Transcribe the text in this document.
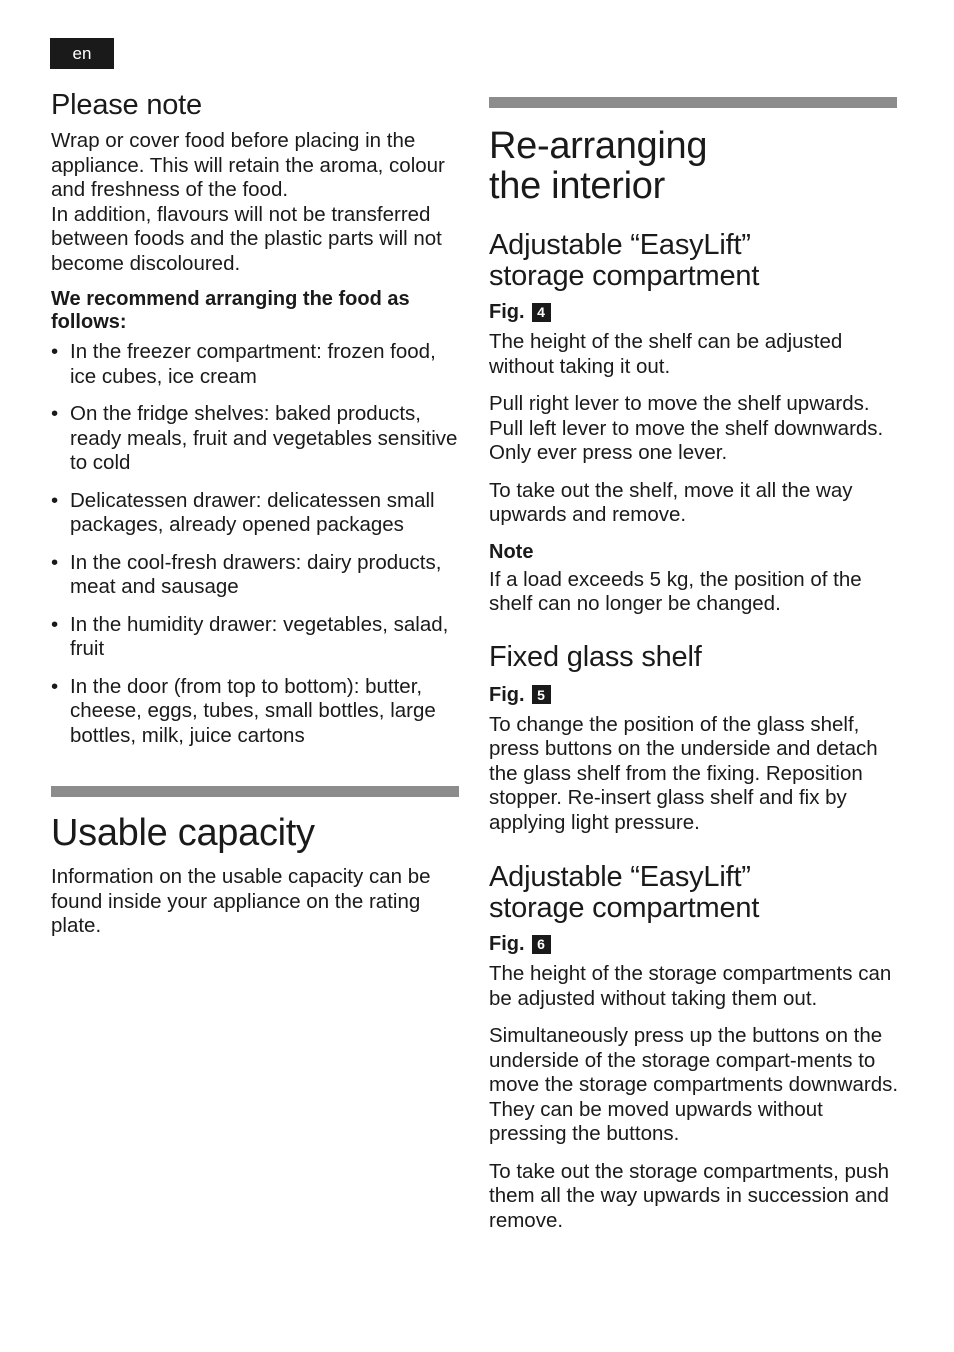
en
Please note

Wrap or cover food before placing in the appliance. This will retain the aroma, colour and freshness of the food.

In addition, flavours will not be transferred between foods and the plastic parts will not become discoloured.

We recommend arranging the food as follows:

• In the freezer compartment: frozen food, ice cubes, ice cream
• On the fridge shelves: baked products, ready meals, fruit and vegetables sensitive to cold
• Delicatessen drawer: delicatessen small packages, already opened packages
• In the cool-fresh drawers: dairy products, meat and sausage
• In the humidity drawer: vegetables, salad, fruit
• In the door (from top to bottom): butter, cheese, eggs, tubes, small bottles, large bottles, milk, juice cartons
Usable capacity

Information on the usable capacity can be found inside your appliance on the rating plate.

Re-arranging
the interior
Adjustable “EasyLift”
storage compartment
Fig. 4

The height of the shelf can be adjusted without taking it out.

Pull right lever to move the shelf upwards. Pull left lever to move the shelf downwards. Only ever press one lever.

To take out the shelf, move it all the way upwards and remove.

Note

If a load exceeds 5 kg, the position of the shelf can no longer be changed.

Fixed glass shelf
Fig. 5

To change the position of the glass shelf, press buttons on the underside and detach the glass shelf from the fixing. Reposition stopper. Re-insert glass shelf and fix by applying light pressure.

Adjustable “EasyLift”
storage compartment
Fig. 6

The height of the storage compartments can be adjusted without taking them out.

Simultaneously press up the buttons on the underside of the storage compart-ments to move the storage compartments downwards. They can be moved upwards without pressing the buttons.

To take out the storage compartments, push them all the way upwards in succession and remove.
